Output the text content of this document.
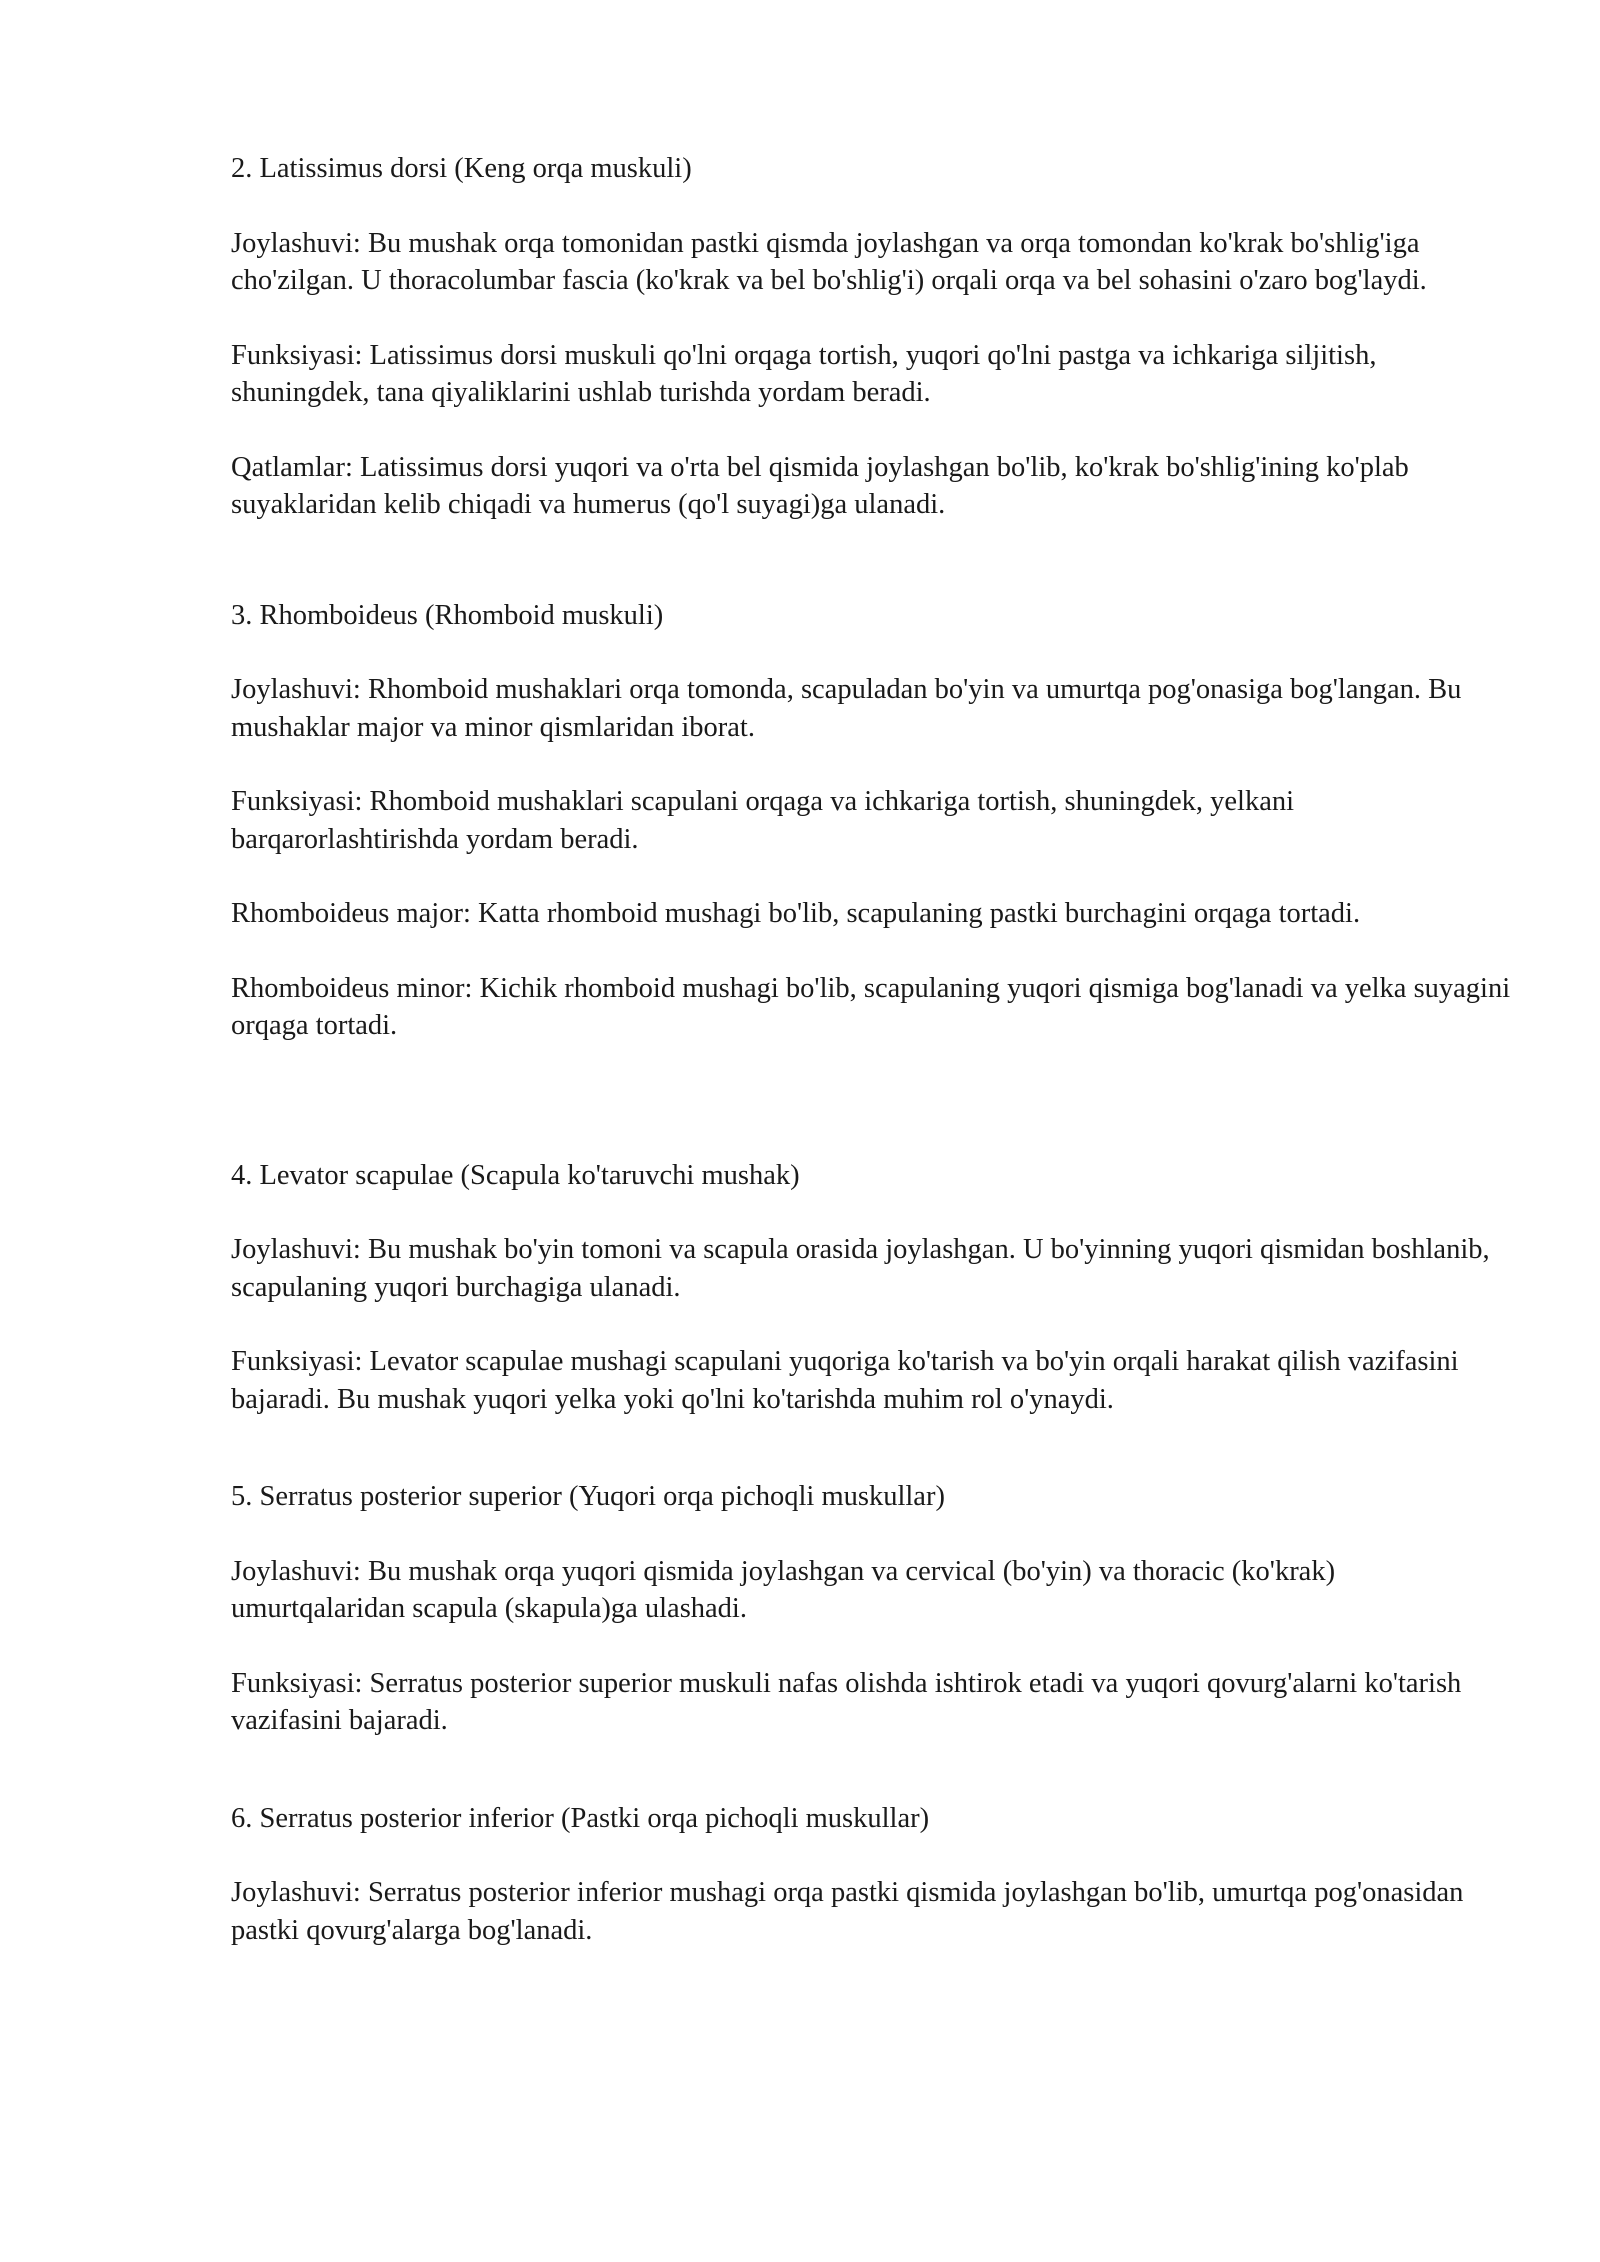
2. Latissimus dorsi (Keng orqa muskuli)

Joylashuvi: Bu mushak orqa tomonidan pastki qismda joylashgan va orqa tomondan ko'krak bo'shlig'iga cho'zilgan. U thoracolumbar fascia (ko'krak va bel bo'shlig'i) orqali orqa va bel sohasini o'zaro bog'laydi.

Funksiyasi: Latissimus dorsi muskuli qo'lni orqaga tortish, yuqori qo'lni pastga va ichkariga siljitish, shuningdek, tana qiyaliklarini ushlab turishda yordam beradi.

Qatlamlar: Latissimus dorsi yuqori va o'rta bel qismida joylashgan bo'lib, ko'krak bo'shlig'ining ko'plab suyaklaridan kelib chiqadi va humerus (qo'l suyagi)ga ulanadi.

3. Rhomboideus (Rhomboid muskuli)

Joylashuvi: Rhomboid mushaklari orqa tomonda, scapuladan bo'yin va umurtqa pog'onasiga bog'langan. Bu mushaklar major va minor qismlaridan iborat.

Funksiyasi: Rhomboid mushaklari scapulani orqaga va ichkariga tortish, shuningdek, yelkani barqarorlashtirishda yordam beradi.

Rhomboideus major: Katta rhomboid mushagi bo'lib, scapulaning pastki burchagini orqaga tortadi.

Rhomboideus minor: Kichik rhomboid mushagi bo'lib, scapulaning yuqori qismiga bog'lanadi va yelka suyagini orqaga tortadi.

4. Levator scapulae (Scapula ko'taruvchi mushak)

Joylashuvi: Bu mushak bo'yin tomoni va scapula orasida joylashgan. U bo'yinning yuqori qismidan boshlanib, scapulaning yuqori burchagiga ulanadi.

Funksiyasi: Levator scapulae mushagi scapulani yuqoriga ko'tarish va bo'yin orqali harakat qilish vazifasini bajaradi. Bu mushak yuqori yelka yoki qo'lni ko'tarishda muhim rol o'ynaydi.

5. Serratus posterior superior (Yuqori orqa pichoqli muskullar)

Joylashuvi: Bu mushak orqa yuqori qismida joylashgan va cervical (bo'yin) va thoracic (ko'krak) umurtqalaridan scapula (skapula)ga ulashadi.

Funksiyasi: Serratus posterior superior muskuli nafas olishda ishtirok etadi va yuqori qovurg'alarni ko'tarish vazifasini bajaradi.

6. Serratus posterior inferior (Pastki orqa pichoqli muskullar)

Joylashuvi: Serratus posterior inferior mushagi orqa pastki qismida joylashgan bo'lib, umurtqa pog'onasidan pastki qovurg'alarga bog'lanadi.
